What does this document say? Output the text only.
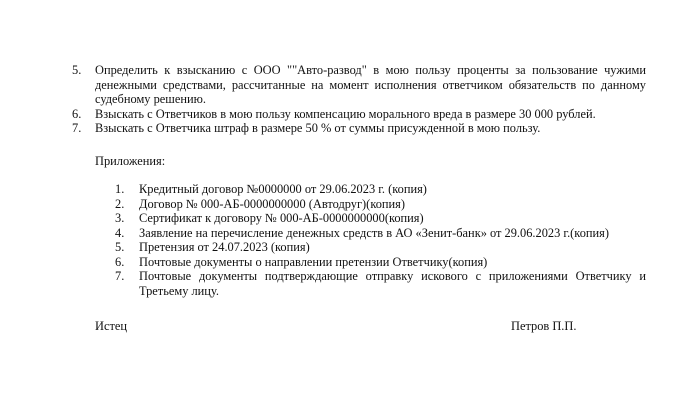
5. Определить к взысканию с ООО ""Авто-развод" в мою пользу проценты за пользование чужими денежными средствами, рассчитанные на момент исполнения ответчиком обязательств по данному судебному решению.
6. Взыскать с Ответчиков в мою пользу компенсацию морального вреда в размере 30 000 рублей.
7. Взыскать с Ответчика штраф в размере 50 % от суммы присужденной в мою пользу.
Приложения:
1. Кредитный договор №0000000 от 29.06.2023 г. (копия)
2. Договор № 000-АБ-0000000000 (Автодруг)(копия)
3. Сертификат к договору № 000-АБ-0000000000(копия)
4. Заявление на перечисление денежных средств в АО «Зенит-банк» от 29.06.2023 г.(копия)
5. Претензия от 24.07.2023 (копия)
6. Почтовые документы о направлении претензии Ответчику(копия)
7. Почтовые документы подтверждающие отправку искового с приложениями Ответчику и Третьему лицу.
Истец	Петров П.П.
